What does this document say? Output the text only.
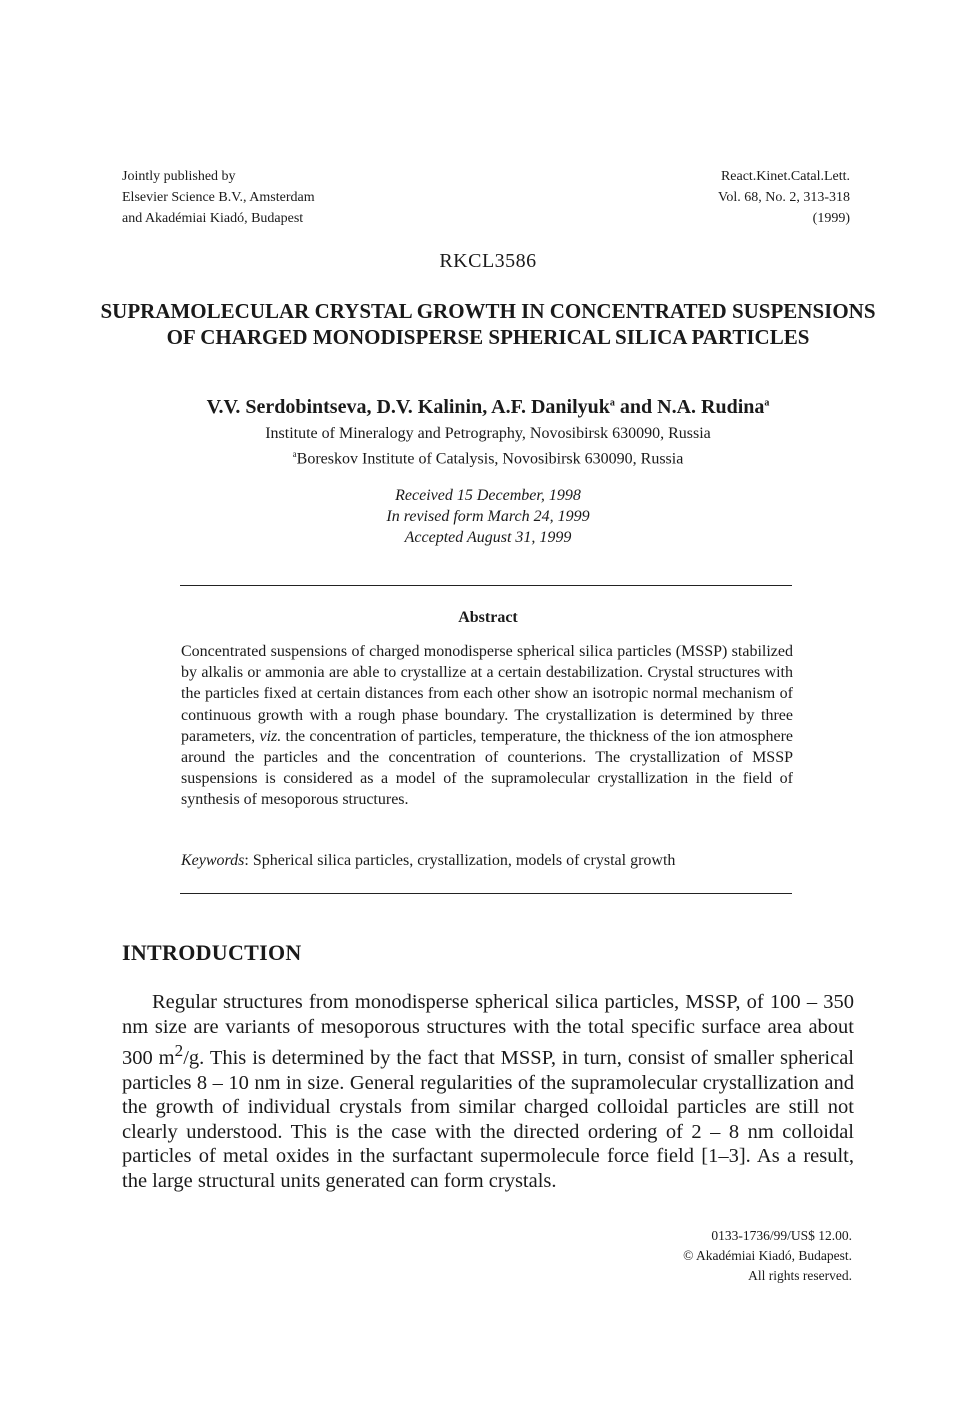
Jointly published by
Elsevier Science B.V., Amsterdam
and Akadémiai Kiadó, Budapest
React.Kinet.Catal.Lett.
Vol. 68, No. 2, 313-318
(1999)
RKCL3586
SUPRAMOLECULAR CRYSTAL GROWTH IN CONCENTRATED SUSPENSIONS OF CHARGED MONODISPERSE SPHERICAL SILICA PARTICLES
V.V. Serdobintseva, D.V. Kalinin, A.F. Danilyuk$^a$ and N.A. Rudina$^a$
Institute of Mineralogy and Petrography, Novosibirsk 630090, Russia
$^a$Boreskov Institute of Catalysis, Novosibirsk 630090, Russia
Received 15 December, 1998
In revised form March 24, 1999
Accepted August 31, 1999
Abstract
Concentrated suspensions of charged monodisperse spherical silica particles (MSSP) stabilized by alkalis or ammonia are able to crystallize at a certain destabilization. Crystal structures with the particles fixed at certain distances from each other show an isotropic normal mechanism of continuous growth with a rough phase boundary. The crystallization is determined by three parameters, viz. the concentration of particles, temperature, the thickness of the ion atmosphere around the particles and the concentration of counterions. The crystallization of MSSP suspensions is considered as a model of the supramolecular crystallization in the field of synthesis of mesoporous structures.
Keywords: Spherical silica particles, crystallization, models of crystal growth
INTRODUCTION
Regular structures from monodisperse spherical silica particles, MSSP, of 100 – 350 nm size are variants of mesoporous structures with the total specific surface area about 300 $m^2/g$. This is determined by the fact that MSSP, in turn, consist of smaller spherical particles 8 – 10 nm in size. General regularities of the supramolecular crystallization and the growth of individual crystals from similar charged colloidal particles are still not clearly understood. This is the case with the directed ordering of 2 – 8 nm colloidal particles of metal oxides in the surfactant supermolecule force field [1–3]. As a result, the large structural units generated can form crystals.
0133-1736/99/US$ 12.00.
© Akadémiai Kiadó, Budapest.
All rights reserved.
